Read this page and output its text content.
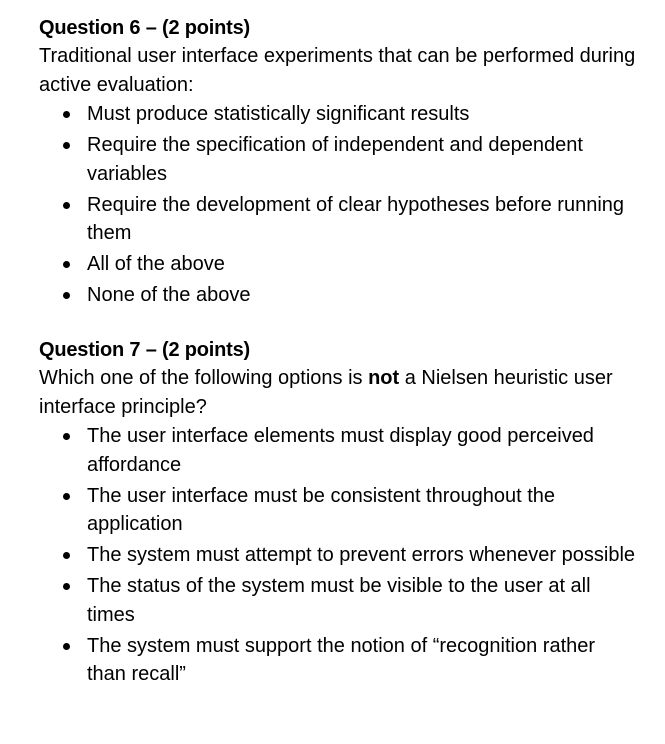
Question 6 – (2 points)

Traditional user interface experiments that can be performed during active evaluation:

Must produce statistically significant results
Require the specification of independent and dependent variables
Require the development of clear hypotheses before running them
All of the above
None of the above

Question 7 – (2 points)

Which one of the following options is not a Nielsen heuristic user interface principle?

The user interface elements must display good perceived affordance
The user interface must be consistent throughout the application
The system must attempt to prevent errors whenever possible
The status of the system must be visible to the user at all times
The system must support the notion of “recognition rather than recall”
